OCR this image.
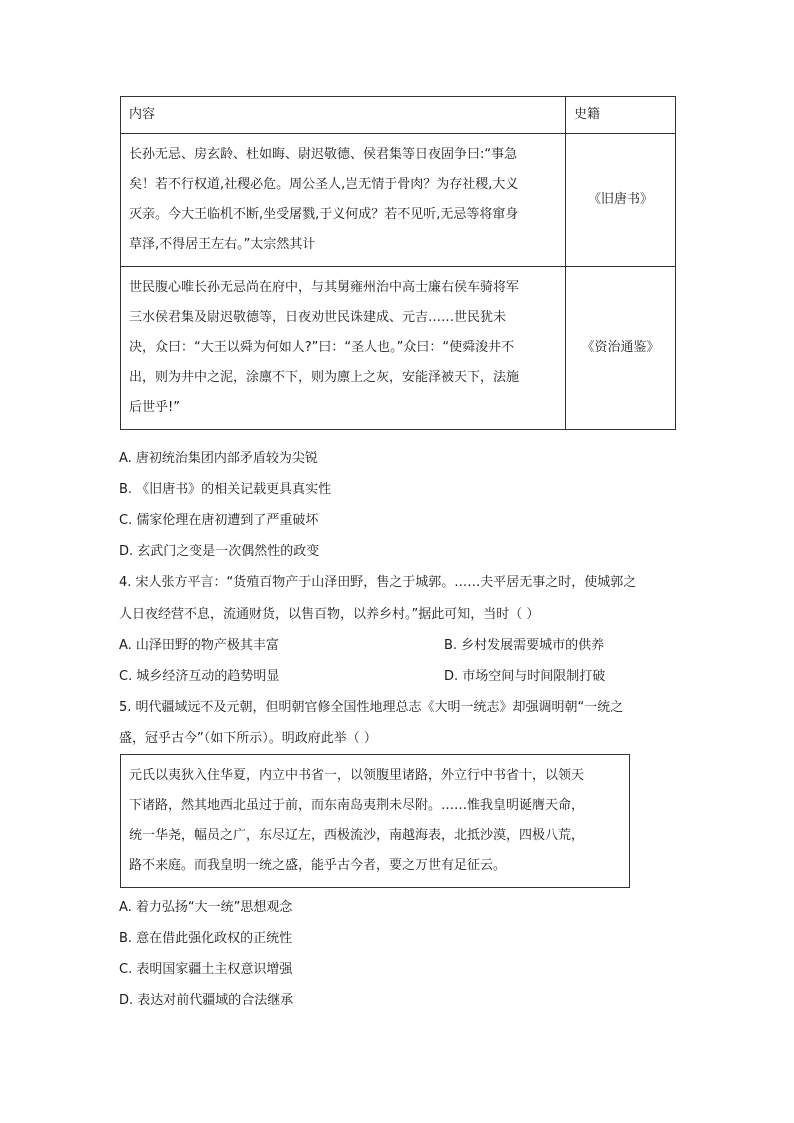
内容	史籍

长孙无忌、房玄龄、杜如晦、尉迟敬德、侯君集等日夜固争曰:“事急
矣！若不行权道,社稷必危。周公圣人,岂无情于骨肉？为存社稷,大义
灭亲。今大王临机不断,坐受屠戮,于义何成？若不见听,无忌等将窜身
草泽,不得居王左右。”太宗然其计	《旧唐书》

世民腹心唯长孙无忌尚在府中，与其舅雍州治中高士廉右侯车骑将军
三水侯君集及尉迟敬德等，日夜劝世民诛建成、元吉……世民犹未
决，众曰：“大王以舜为何如人?”曰：“圣人也。”众曰：“使舜浚井不
出，则为井中之泥，涂廪不下，则为廪上之灰，安能泽被天下，法施
后世乎!”	《资治通鉴》
A. 唐初统治集团内部矛盾较为尖锐
B. 《旧唐书》的相关记载更具真实性
C. 儒家伦理在唐初遭到了严重破坏
D. 玄武门之变是一次偶然性的政变
4. 宋人张方平言：“货殖百物产于山泽田野，售之于城郭。……夫平居无事之时，使城郭之
人日夜经营不息，流通财货，以售百物，以养乡村。”据此可知，当时（ ）
A. 山泽田野的物产极其丰富	B. 乡村发展需要城市的供养
C. 城乡经济互动的趋势明显	D. 市场空间与时间限制打破
5. 明代疆域远不及元朝，但明朝官修全国性地理总志《大明一统志》却强调明朝“一统之
盛，冠乎古今”（如下所示）。明政府此举（ ）
元氏以夷狄入住华夏，内立中书省一，以领腹里诸路，外立行中书省十，以领天
下诸路，然其地西北虽过于前，而东南岛夷荆未尽附。……惟我皇明诞膺天命，
统一华尧，幅员之广，东尽辽左，西极流沙，南越海表，北抵沙漠，四极八荒，
路不来庭。而我皇明一统之盛，能乎古今者，要之万世有足征云。
A. 着力弘扬“大一统”思想观念
B. 意在借此强化政权的正统性
C. 表明国家疆土主权意识增强
D. 表达对前代疆域的合法继承
